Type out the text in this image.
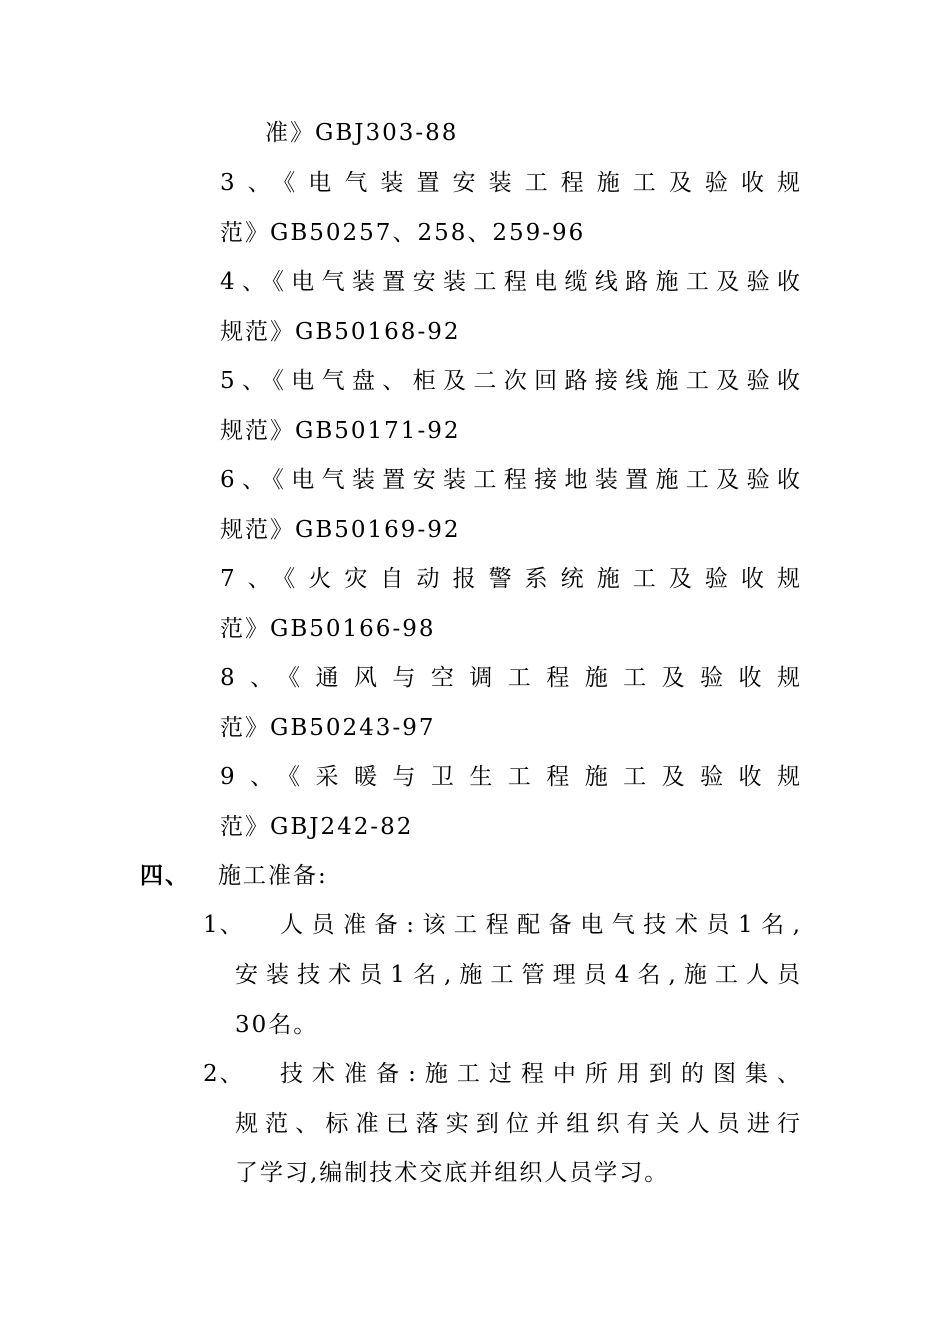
准》GBJ303-88
3、《电气装置安装工程施工及验收规
范》GB50257、258、259-96
4、《电气装置安装工程电缆线路施工及验收
规范》GB50168-92
5、《电气盘、柜及二次回路接线施工及验收
规范》GB50171-92
6、《电气装置安装工程接地装置施工及验收
规范》GB50169-92
7、《火灾自动报警系统施工及验收规
范》GB50166-98
8、《通风与空调工程施工及验收规
范》GB50243-97
9、《采暖与卫生工程施工及验收规
范》GBJ242-82
四、 施工准备:
1、 人员准备:该工程配备电气技术员1名,
安装技术员1名,施工管理员4名,施工人员
30名。
2、 技术准备:施工过程中所用到的图集、
规范、标准已落实到位并组织有关人员进行
了学习,编制技术交底并组织人员学习。
